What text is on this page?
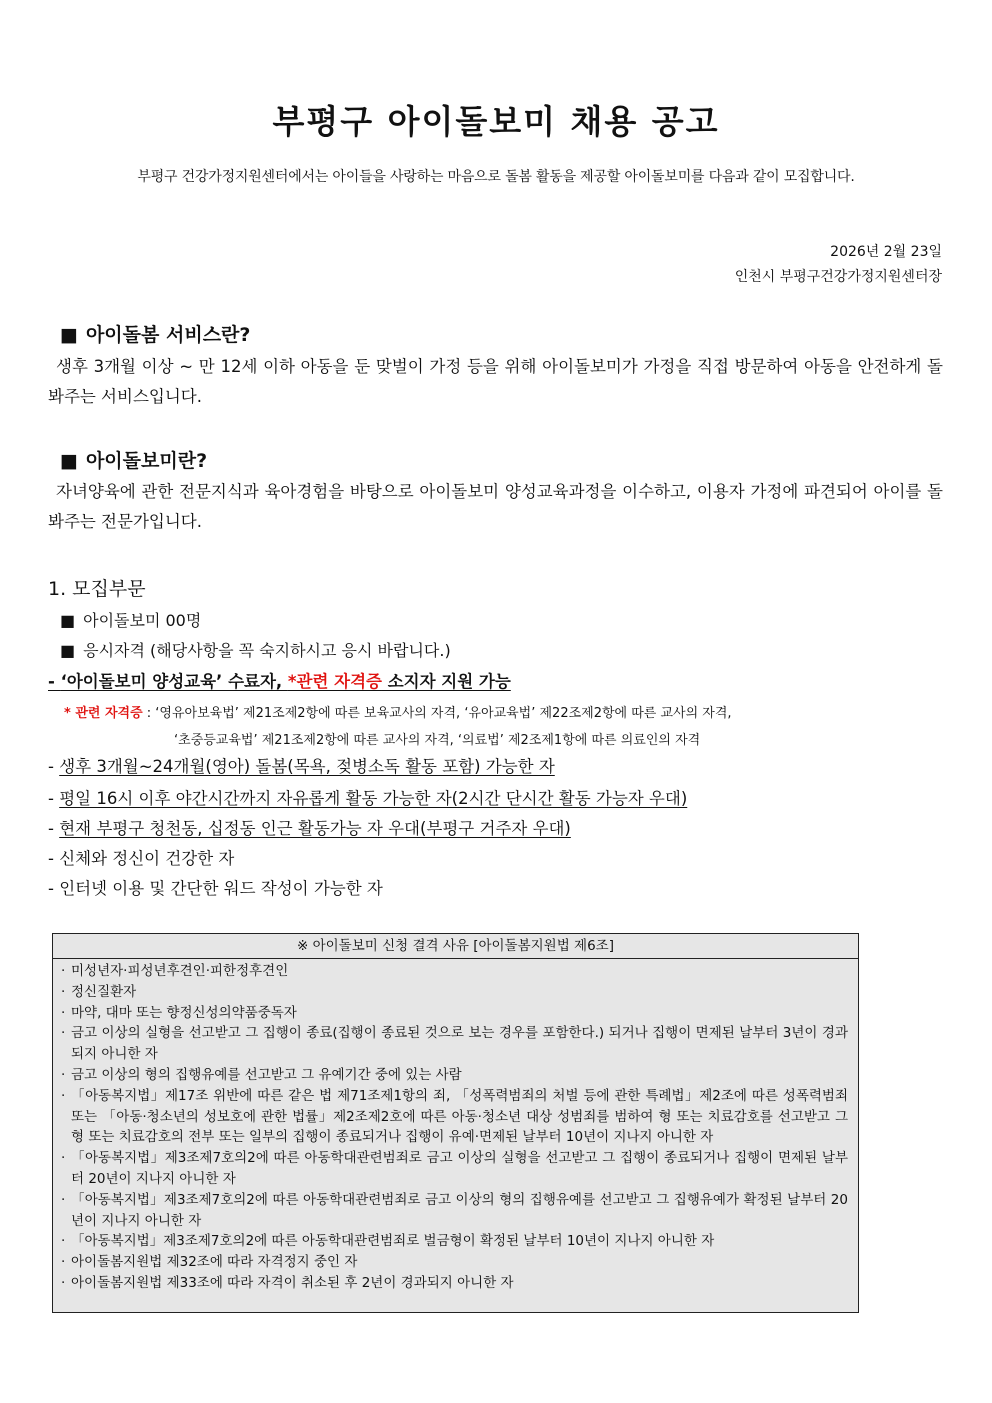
부평구 아이돌보미 채용 공고
부평구 건강가정지원센터에서는 아이들을 사랑하는 마음으로 돌봄 활동을 제공할 아이돌보미를 다음과 같이 모집합니다.
2026년 2월 23일
인천시 부평구건강가정지원센터장
■ 아이돌봄 서비스란?
생후 3개월 이상 ~ 만 12세 이하 아동을 둔 맞벌이 가정 등을 위해 아이돌보미가 가정을 직접 방문하여 아동을 안전하게 돌봐주는 서비스입니다.
■ 아이돌보미란?
자녀양육에 관한 전문지식과 육아경험을 바탕으로 아이돌보미 양성교육과정을 이수하고, 이용자 가정에 파견되어 아이를 돌봐주는 전문가입니다.
1. 모집부문
■ 아이돌보미 00명
■ 응시자격 (해당사항을 꼭 숙지하시고 응시 바랍니다.)
- ‘아이돌보미 양성교육’ 수료자, *관련 자격증 소지자 지원 가능
* 관련 자격증 : ‘영유아보육법’ 제21조제2항에 따른 보육교사의 자격, ‘유아교육법’ 제22조제2항에 따른 교사의 자격,
‘초중등교육법’ 제21조제2항에 따른 교사의 자격, ‘의료법’ 제2조제1항에 따른 의료인의 자격
- 생후 3개월~24개월(영아) 돌봄(목욕, 젖병소독 활동 포함) 가능한 자
- 평일 16시 이후 야간시간까지 자유롭게 활동 가능한 자(2시간 단시간 활동 가능자 우대)
- 현재 부평구 청천동, 십정동 인근 활동가능 자 우대(부평구 거주자 우대)
- 신체와 정신이 건강한 자
- 인터넷 이용 및 간단한 워드 작성이 가능한 자
※ 아이돌보미 신청 결격 사유 [아이돌봄지원법 제6조]
· 미성년자·피성년후견인·피한정후견인
· 정신질환자
· 마약, 대마 또는 향정신성의약품중독자
· 금고 이상의 실형을 선고받고 그 집행이 종료(집행이 종료된 것으로 보는 경우를 포함한다.) 되거나 집행이 면제된 날부터 3년이 경과되지 아니한 자
· 금고 이상의 형의 집행유예를 선고받고 그 유예기간 중에 있는 사람
· 「아동복지법」제17조 위반에 따른 같은 법 제71조제1항의 죄, 「성폭력범죄의 처벌 등에 관한 특례법」제2조에 따른 성폭력범죄 또는 「아동·청소년의 성보호에 관한 법률」제2조제2호에 따른 아동·청소년 대상 성범죄를 범하여 형 또는 치료감호를 선고받고 그 형 또는 치료감호의 전부 또는 일부의 집행이 종료되거나 집행이 유예·면제된 날부터 10년이 지나지 아니한 자
· 「아동복지법」제3조제7호의2에 따른 아동학대관련범죄로 금고 이상의 실형을 선고받고 그 집행이 종료되거나 집행이 면제된 날부터 20년이 지나지 아니한 자
· 「아동복지법」제3조제7호의2에 따른 아동학대관련범죄로 금고 이상의 형의 집행유예를 선고받고 그 집행유예가 확정된 날부터 20년이 지나지 아니한 자
· 「아동복지법」제3조제7호의2에 따른 아동학대관련범죄로 벌금형이 확정된 날부터 10년이 지나지 아니한 자
· 아이돌봄지원법 제32조에 따라 자격정지 중인 자
· 아이돌봄지원법 제33조에 따라 자격이 취소된 후 2년이 경과되지 아니한 자
